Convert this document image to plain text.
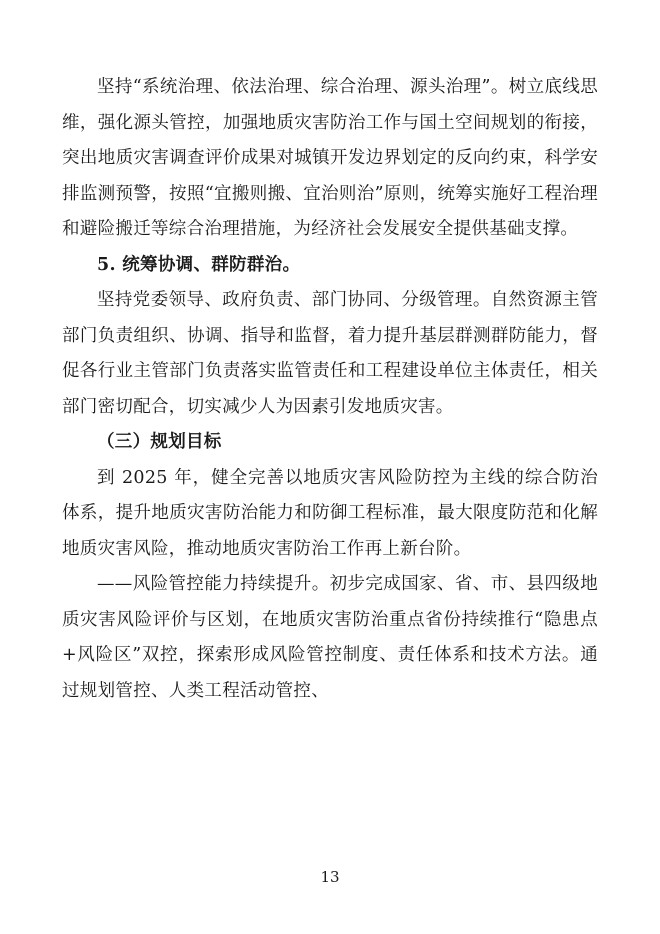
坚持“系统治理、依法治理、综合治理、源头治理”。树立底线思维，强化源头管控，加强地质灾害防治工作与国土空间规划的衔接，突出地质灾害调查评价成果对城镇开发边界划定的反向约束，科学安排监测预警，按照“宜搬则搬、宜治则治”原则，统筹实施好工程治理和避险搬迁等综合治理措施，为经济社会发展安全提供基础支撑。

5. 统筹协调、群防群治。

坚持党委领导、政府负责、部门协同、分级管理。自然资源主管部门负责组织、协调、指导和监督，着力提升基层群测群防能力，督促各行业主管部门负责落实监管责任和工程建设单位主体责任，相关部门密切配合，切实减少人为因素引发地质灾害。

（三）规划目标

到 2025 年，健全完善以地质灾害风险防控为主线的综合防治体系，提升地质灾害防治能力和防御工程标准，最大限度防范和化解地质灾害风险，推动地质灾害防治工作再上新台阶。

——风险管控能力持续提升。初步完成国家、省、市、县四级地质灾害风险评价与区划，在地质灾害防治重点省份持续推行“隐患点+风险区”双控，探索形成风险管控制度、责任体系和技术方法。通过规划管控、人类工程活动管控、

13
